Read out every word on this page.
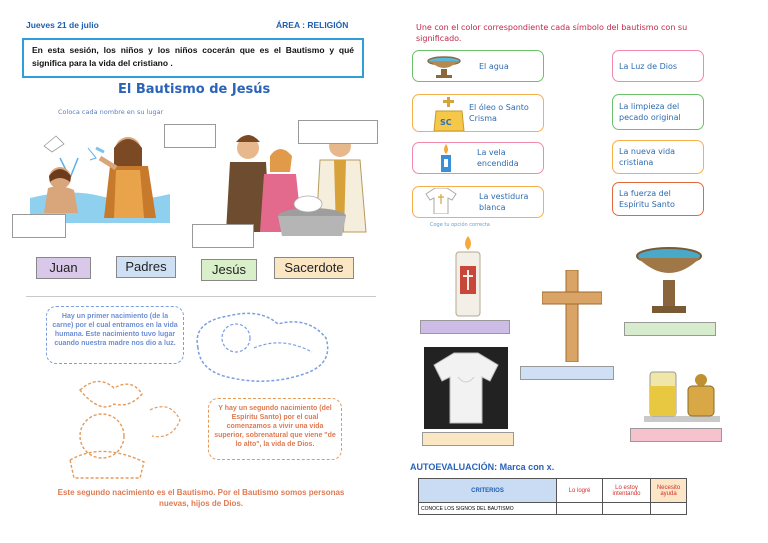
Jueves 21 de julio	ÁREA : RELIGIÓN
En esta sesión, los niños y los niños cocerán que es el Bautismo y qué significa para la vida del cristiano .
El Bautismo de Jesús
Coloca cada nombre en su lugar
Juan	Padres	Jesús	Sacerdote
Hay un primer nacimiento (de la carne) por el cual entramos en la vida humana. Este nacimiento tuvo lugar cuando nuestra madre nos dio a luz.
Y hay un segundo nacimiento (del Espíritu Santo) por el cual comenzamos a vivir una vida superior, sobrenatural que viene "de lo alto", la vida de Dios.
Este segundo nacimiento es el Bautismo. Por el Bautismo somos personas nuevas, hijos de Dios.
Une con el color correspondiente cada símbolo del bautismo con su significado.
El agua
El óleo o Santo Crisma
SC
La vela encendida
La vestidura blanca
Coge tu opción correcta
La Luz de Dios
La limpieza del pecado original
La nueva vida cristiana
La fuerza del Espíritu Santo
AUTOEVALUACIÓN: Marca con x.
CRITERIOS	Lo logré	Lo estoy intentando	Necesito ayuda
CONOCE LOS SIGNOS DEL BAUTISMO			
